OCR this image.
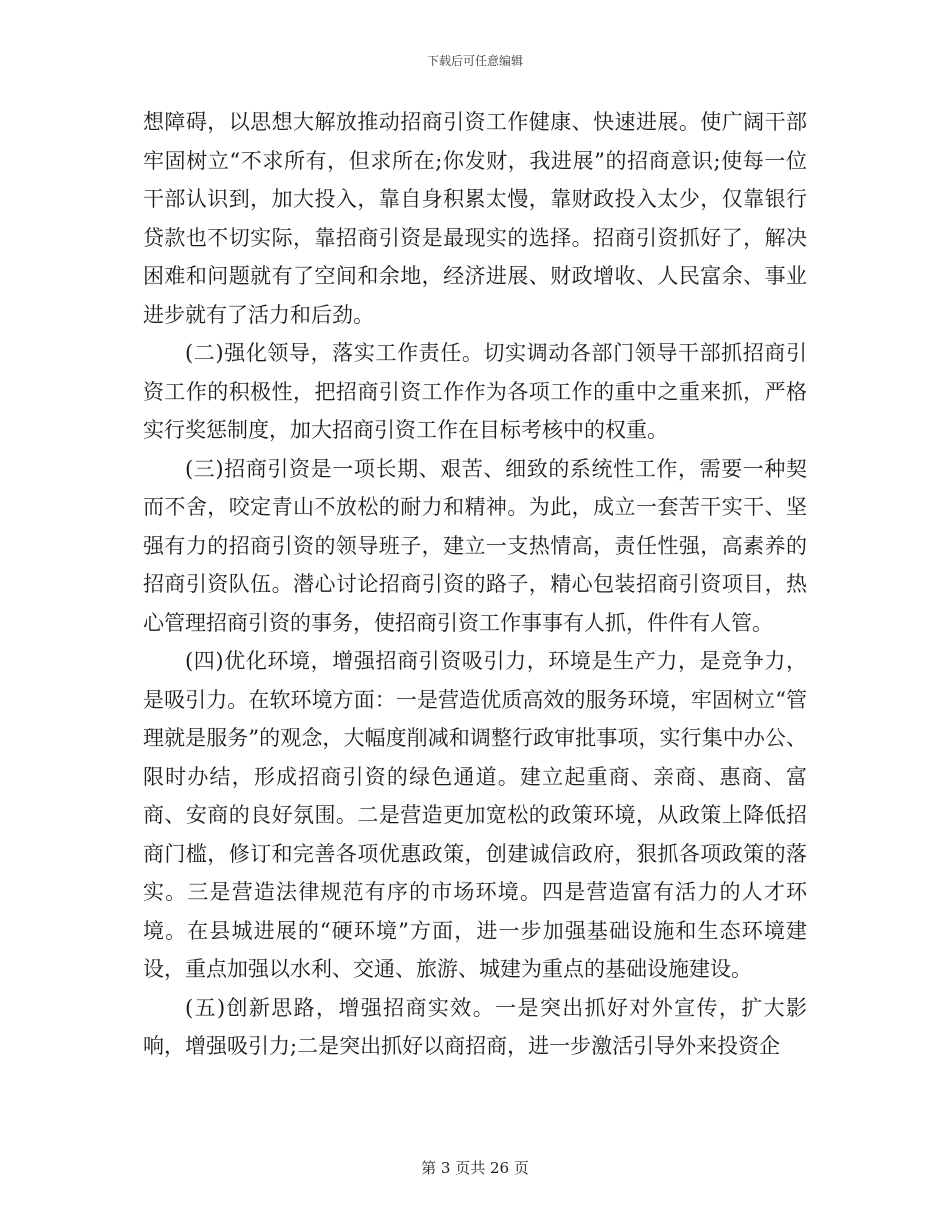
下载后可任意编辑

想障碍，以思想大解放推动招商引资工作健康、快速进展。使广阔干部牢固树立“不求所有，但求所在;你发财，我进展”的招商意识;使每一位干部认识到，加大投入，靠自身积累太慢，靠财政投入太少，仅靠银行贷款也不切实际，靠招商引资是最现实的选择。招商引资抓好了，解决困难和问题就有了空间和余地，经济进展、财政增收、人民富余、事业进步就有了活力和后劲。

(二)强化领导，落实工作责任。切实调动各部门领导干部抓招商引资工作的积极性，把招商引资工作作为各项工作的重中之重来抓，严格实行奖惩制度，加大招商引资工作在目标考核中的权重。

(三)招商引资是一项长期、艰苦、细致的系统性工作，需要一种契而不舍，咬定青山不放松的耐力和精神。为此，成立一套苦干实干、坚强有力的招商引资的领导班子，建立一支热情高，责任性强，高素养的招商引资队伍。潜心讨论招商引资的路子，精心包装招商引资项目，热心管理招商引资的事务，使招商引资工作事事有人抓，件件有人管。

(四)优化环境，增强招商引资吸引力，环境是生产力，是竞争力，是吸引力。在软环境方面：一是营造优质高效的服务环境，牢固树立“管理就是服务”的观念，大幅度削减和调整行政审批事项，实行集中办公、限时办结，形成招商引资的绿色通道。建立起重商、亲商、惠商、富商、安商的良好氛围。二是营造更加宽松的政策环境，从政策上降低招商门槛，修订和完善各项优惠政策，创建诚信政府，狠抓各项政策的落实。三是营造法律规范有序的市场环境。四是营造富有活力的人才环境。在县城进展的“硬环境”方面，进一步加强基础设施和生态环境建设，重点加强以水利、交通、旅游、城建为重点的基础设施建设。

(五)创新思路，增强招商实效。一是突出抓好对外宣传，扩大影响，增强吸引力;二是突出抓好以商招商，进一步激活引导外来投资企

第 3 页共 26 页
